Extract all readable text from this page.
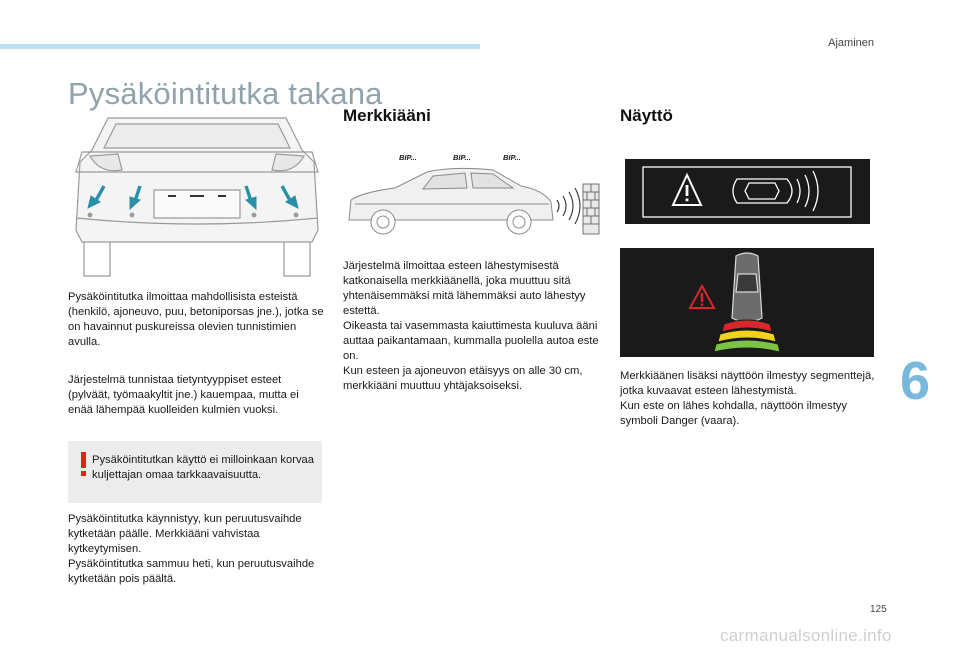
Ajaminen
Pysäköintitutka takana
Pysäköintitutka ilmoittaa mahdollisista esteistä (henkilö, ajoneuvo, puu, betoniporsas jne.), jotka se on havainnut puskureissa olevien tunnistimien avulla.
Järjestelmä tunnistaa tietyntyyppiset esteet (pylväät, työmaakyltit jne.) kauempaa, mutta ei enää lähempää kuolleiden kulmien vuoksi.
Pysäköintitutkan käyttö ei milloinkaan korvaa kuljettajan omaa tarkkaavaisuutta.
Pysäköintitutka käynnistyy, kun peruutusvaihde kytketään päälle. Merkkiääni vahvistaa kytkeytymisen.
Pysäköintitutka sammuu heti, kun peruutusvaihde kytketään pois päältä.
Merkkiääni
BIP...	BIP...	BIP...
Järjestelmä ilmoittaa esteen lähestymisestä katkonaisella merkkiäänellä, joka muuttuu sitä yhtenäisemmäksi mitä lähemmäksi auto lähestyy estettä.
Oikeasta tai vasemmasta kaiuttimesta kuuluva ääni auttaa paikantamaan, kummalla puolella autoa este on.
Kun esteen ja ajoneuvon etäisyys on alle 30 cm, merkkiääni muuttuu yhtäjaksoiseksi.
Näyttö
Merkkiäänen lisäksi näyttöön ilmestyy segmenttejä, jotka kuvaavat esteen lähestymistä.
Kun este on lähes kohdalla, näyttöön ilmestyy symboli Danger (vaara).
6
125
carmanualsonline.info
